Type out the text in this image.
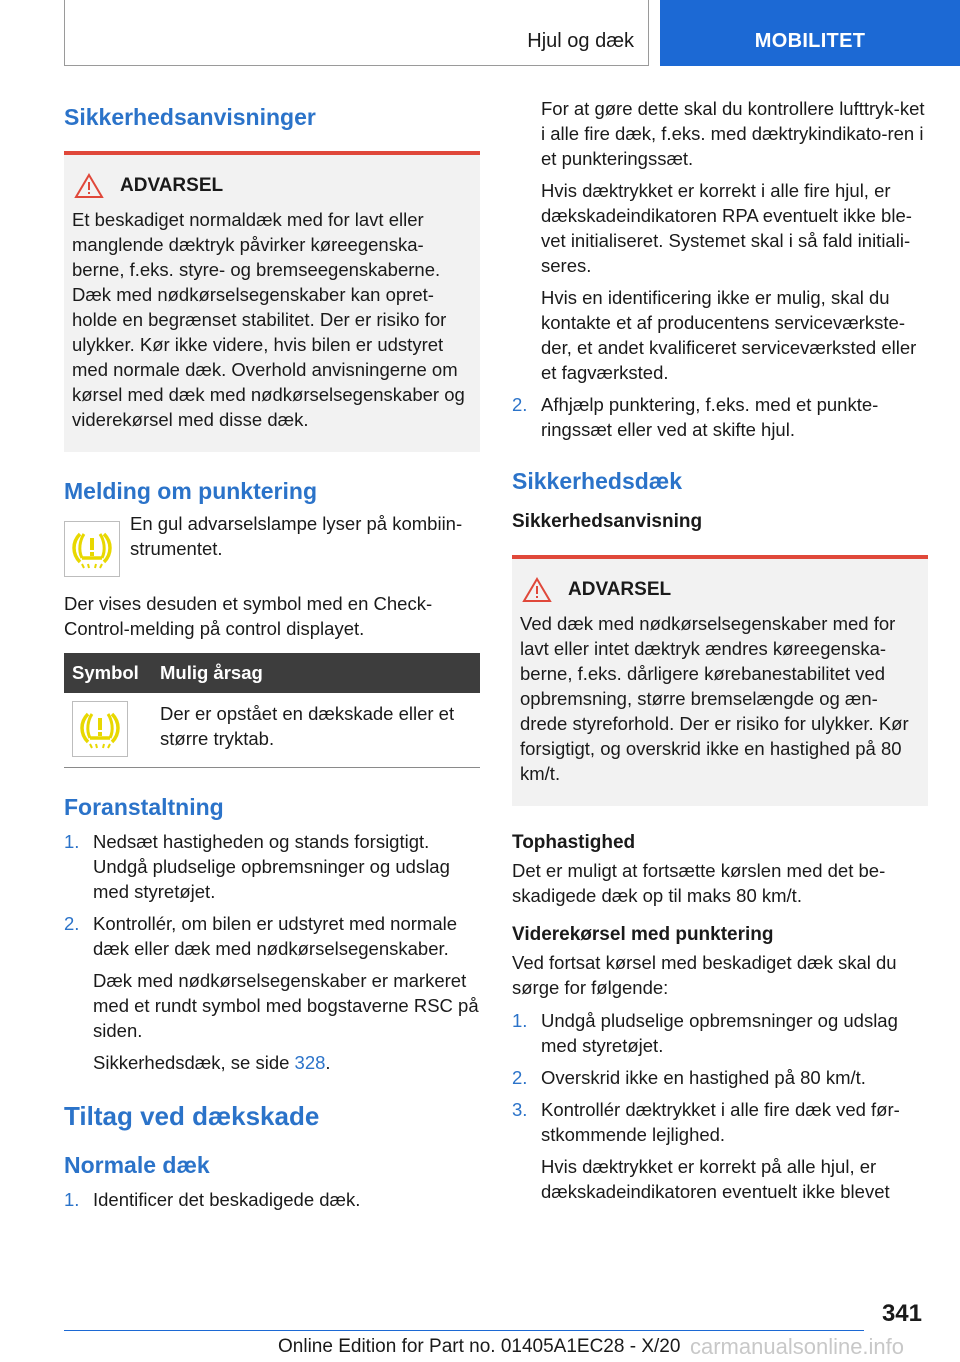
Hjul og dæk	MOBILITET
Sikkerhedsanvisninger
ADVARSEL

Et beskadiget normaldæk med for lavt eller manglende dæktryk påvirker køreegenska-berne, f.eks. styre- og bremseegenskaberne. Dæk med nødkørselsegenskaber kan opret-holde en begrænset stabilitet. Der er risiko for ulykker. Kør ikke videre, hvis bilen er udstyret med normale dæk. Overhold anvisningerne om kørsel med dæk med nødkørselsegenskaber og viderekørsel med disse dæk.

Melding om punktering

En gul advarselslampe lyser på kombiin-strumentet.

Der vises desuden et symbol med en Check-Control-melding på control displayet.

Symbol	Mulig årsag

	Der er opstået en dækskade eller et større tryktab.
Foranstaltning
1. Nedsæt hastigheden og stands forsigtigt. Undgå pludselige opbremsninger og udslag med styretøjet.

2. Kontrollér, om bilen er udstyret med normale dæk eller dæk med nødkørselsegenskaber.

Dæk med nødkørselsegenskaber er markeret med et rundt symbol med bogstaverne RSC på siden.

Sikkerhedsdæk, se side 328.

Tiltag ved dækskade
Normale dæk
1. Identificer det beskadigede dæk.

For at gøre dette skal du kontrollere lufttryk-ket i alle fire dæk, f.eks. med dæktrykindikato-ren i et punkteringssæt.

Hvis dæktrykket er korrekt i alle fire hjul, er dækskadeindikatoren RPA eventuelt ikke ble-vet initialiseret. Systemet skal i så fald initiali-seres.

Hvis en identificering ikke er mulig, skal du kontakte et af producentens serviceværkste-der, et andet kvalificeret serviceværksted eller et fagværksted.

2. Afhjælp punktering, f.eks. med et punkte-ringssæt eller ved at skifte hjul.

Sikkerhedsdæk
Sikkerhedsanvisning
ADVARSEL

Ved dæk med nødkørselsegenskaber med for lavt eller intet dæktryk ændres køreegenska-berne, f.eks. dårligere kørebanestabilitet ved opbremsning, større bremselængde og æn-drede styreforhold. Der er risiko for ulykker. Kør forsigtigt, og overskrid ikke en hastighed på 80 km/t.

Tophastighed

Det er muligt at fortsætte kørslen med det be-skadigede dæk op til maks 80 km/t.

Viderekørsel med punktering

Ved fortsat kørsel med beskadiget dæk skal du sørge for følgende:

1. Undgå pludselige opbremsninger og udslag med styretøjet.

2. Overskrid ikke en hastighed på 80 km/t.

3. Kontrollér dæktrykket i alle fire dæk ved før-stkommende lejlighed.

Hvis dæktrykket er korrekt på alle hjul, er dækskadeindikatoren eventuelt ikke blevet

341
Online Edition for Part no. 01405A1EC28 - X/20 carmanualsonline.info
